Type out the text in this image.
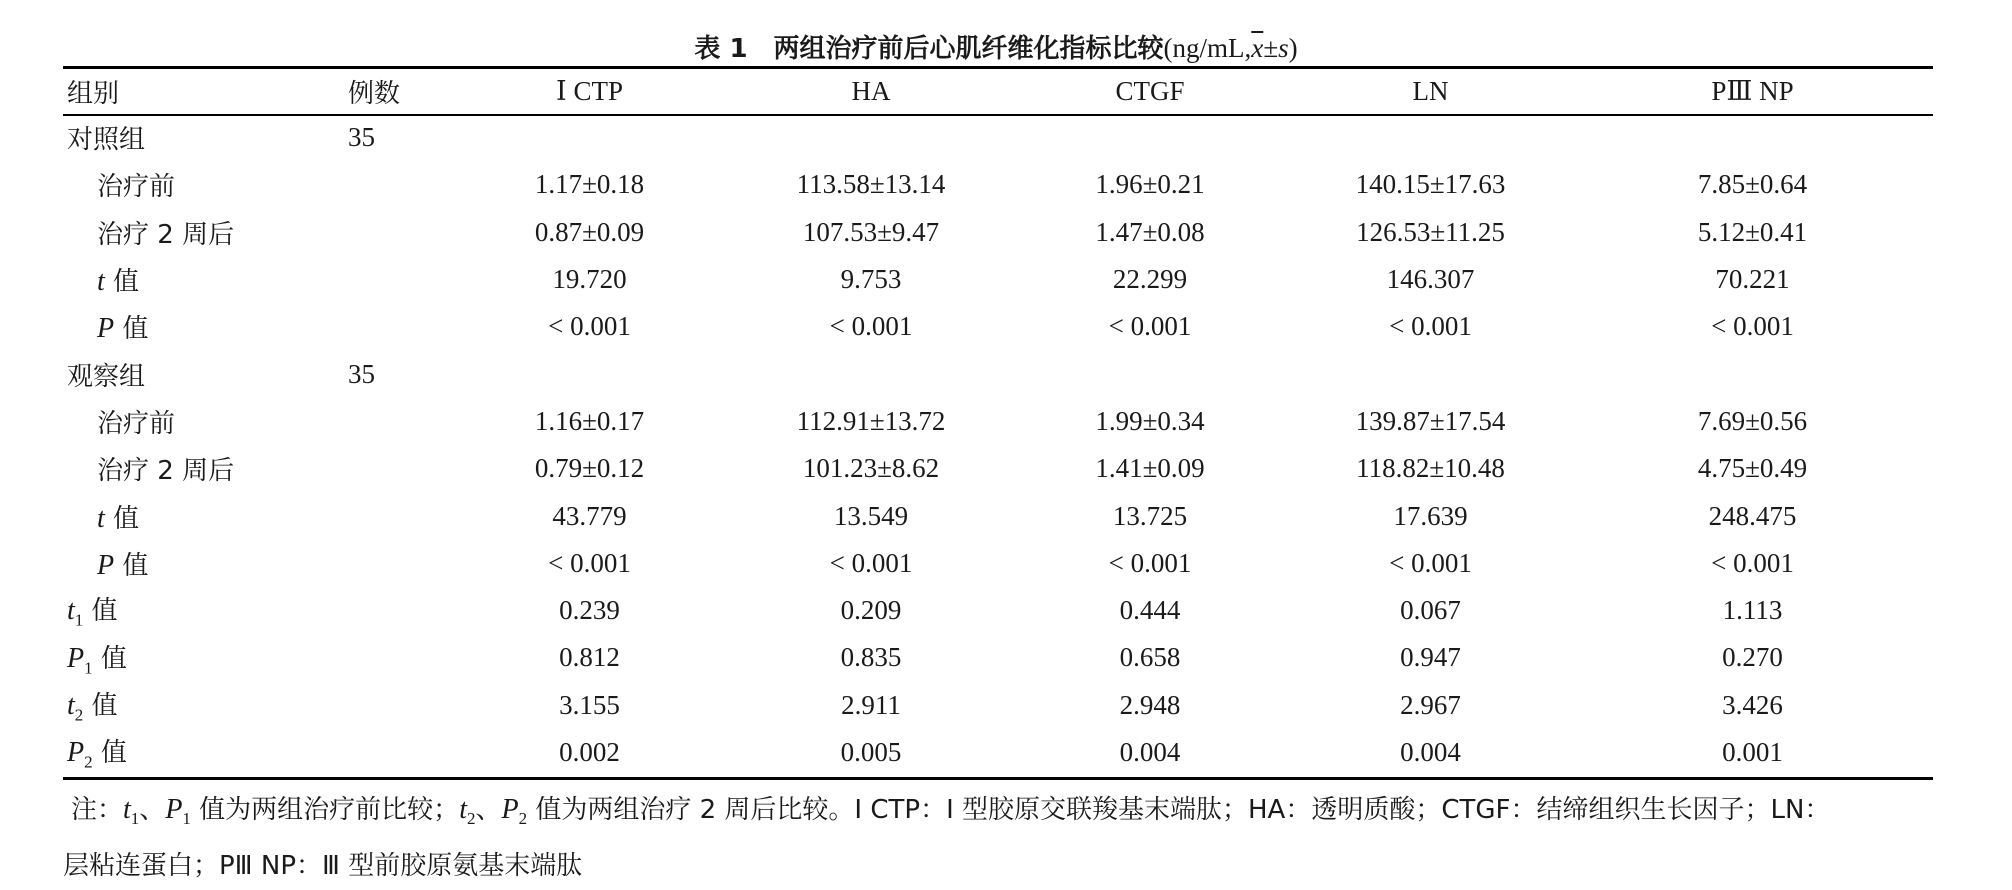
表 1　两组治疗前后心肌纤维化指标比较$(ng/mL,\overline{x}\pm s)$
组别	例数	Ⅰ CTP	HA	CTGF	LN	PⅢ NP
对照组	35					
治疗前		1.17±0.18	113.58±13.14	1.96±0.21	140.15±17.63	7.85±0.64
治疗 2 周后		0.87±0.09	107.53±9.47	1.47±0.08	126.53±11.25	5.12±0.41
t 值		19.720	9.753	22.299	146.307	70.221
P 值		< 0.001	< 0.001	< 0.001	< 0.001	< 0.001
观察组	35					
治疗前		1.16±0.17	112.91±13.72	1.99±0.34	139.87±17.54	7.69±0.56
治疗 2 周后		0.79±0.12	101.23±8.62	1.41±0.09	118.82±10.48	4.75±0.49
t 值		43.779	13.549	13.725	17.639	248.475
P 值		< 0.001	< 0.001	< 0.001	< 0.001	< 0.001
$t_1$ 值		0.239	0.209	0.444	0.067	1.113
$P_1$ 值		0.812	0.835	0.658	0.947	0.270
$t_2$ 值		3.155	2.911	2.948	2.967	3.426
$P_2$ 值		0.002	0.005	0.004	0.004	0.001
注：$t_1$、$P_1$ 值为两组治疗前比较；$t_2$、$P_2$ 值为两组治疗 2 周后比较。Ⅰ CTP：Ⅰ 型胶原交联羧基末端肽；HA：透明质酸；CTGF：结缔组织生长因子；LN：
层粘连蛋白；PⅢ NP：Ⅲ 型前胶原氨基末端肽
